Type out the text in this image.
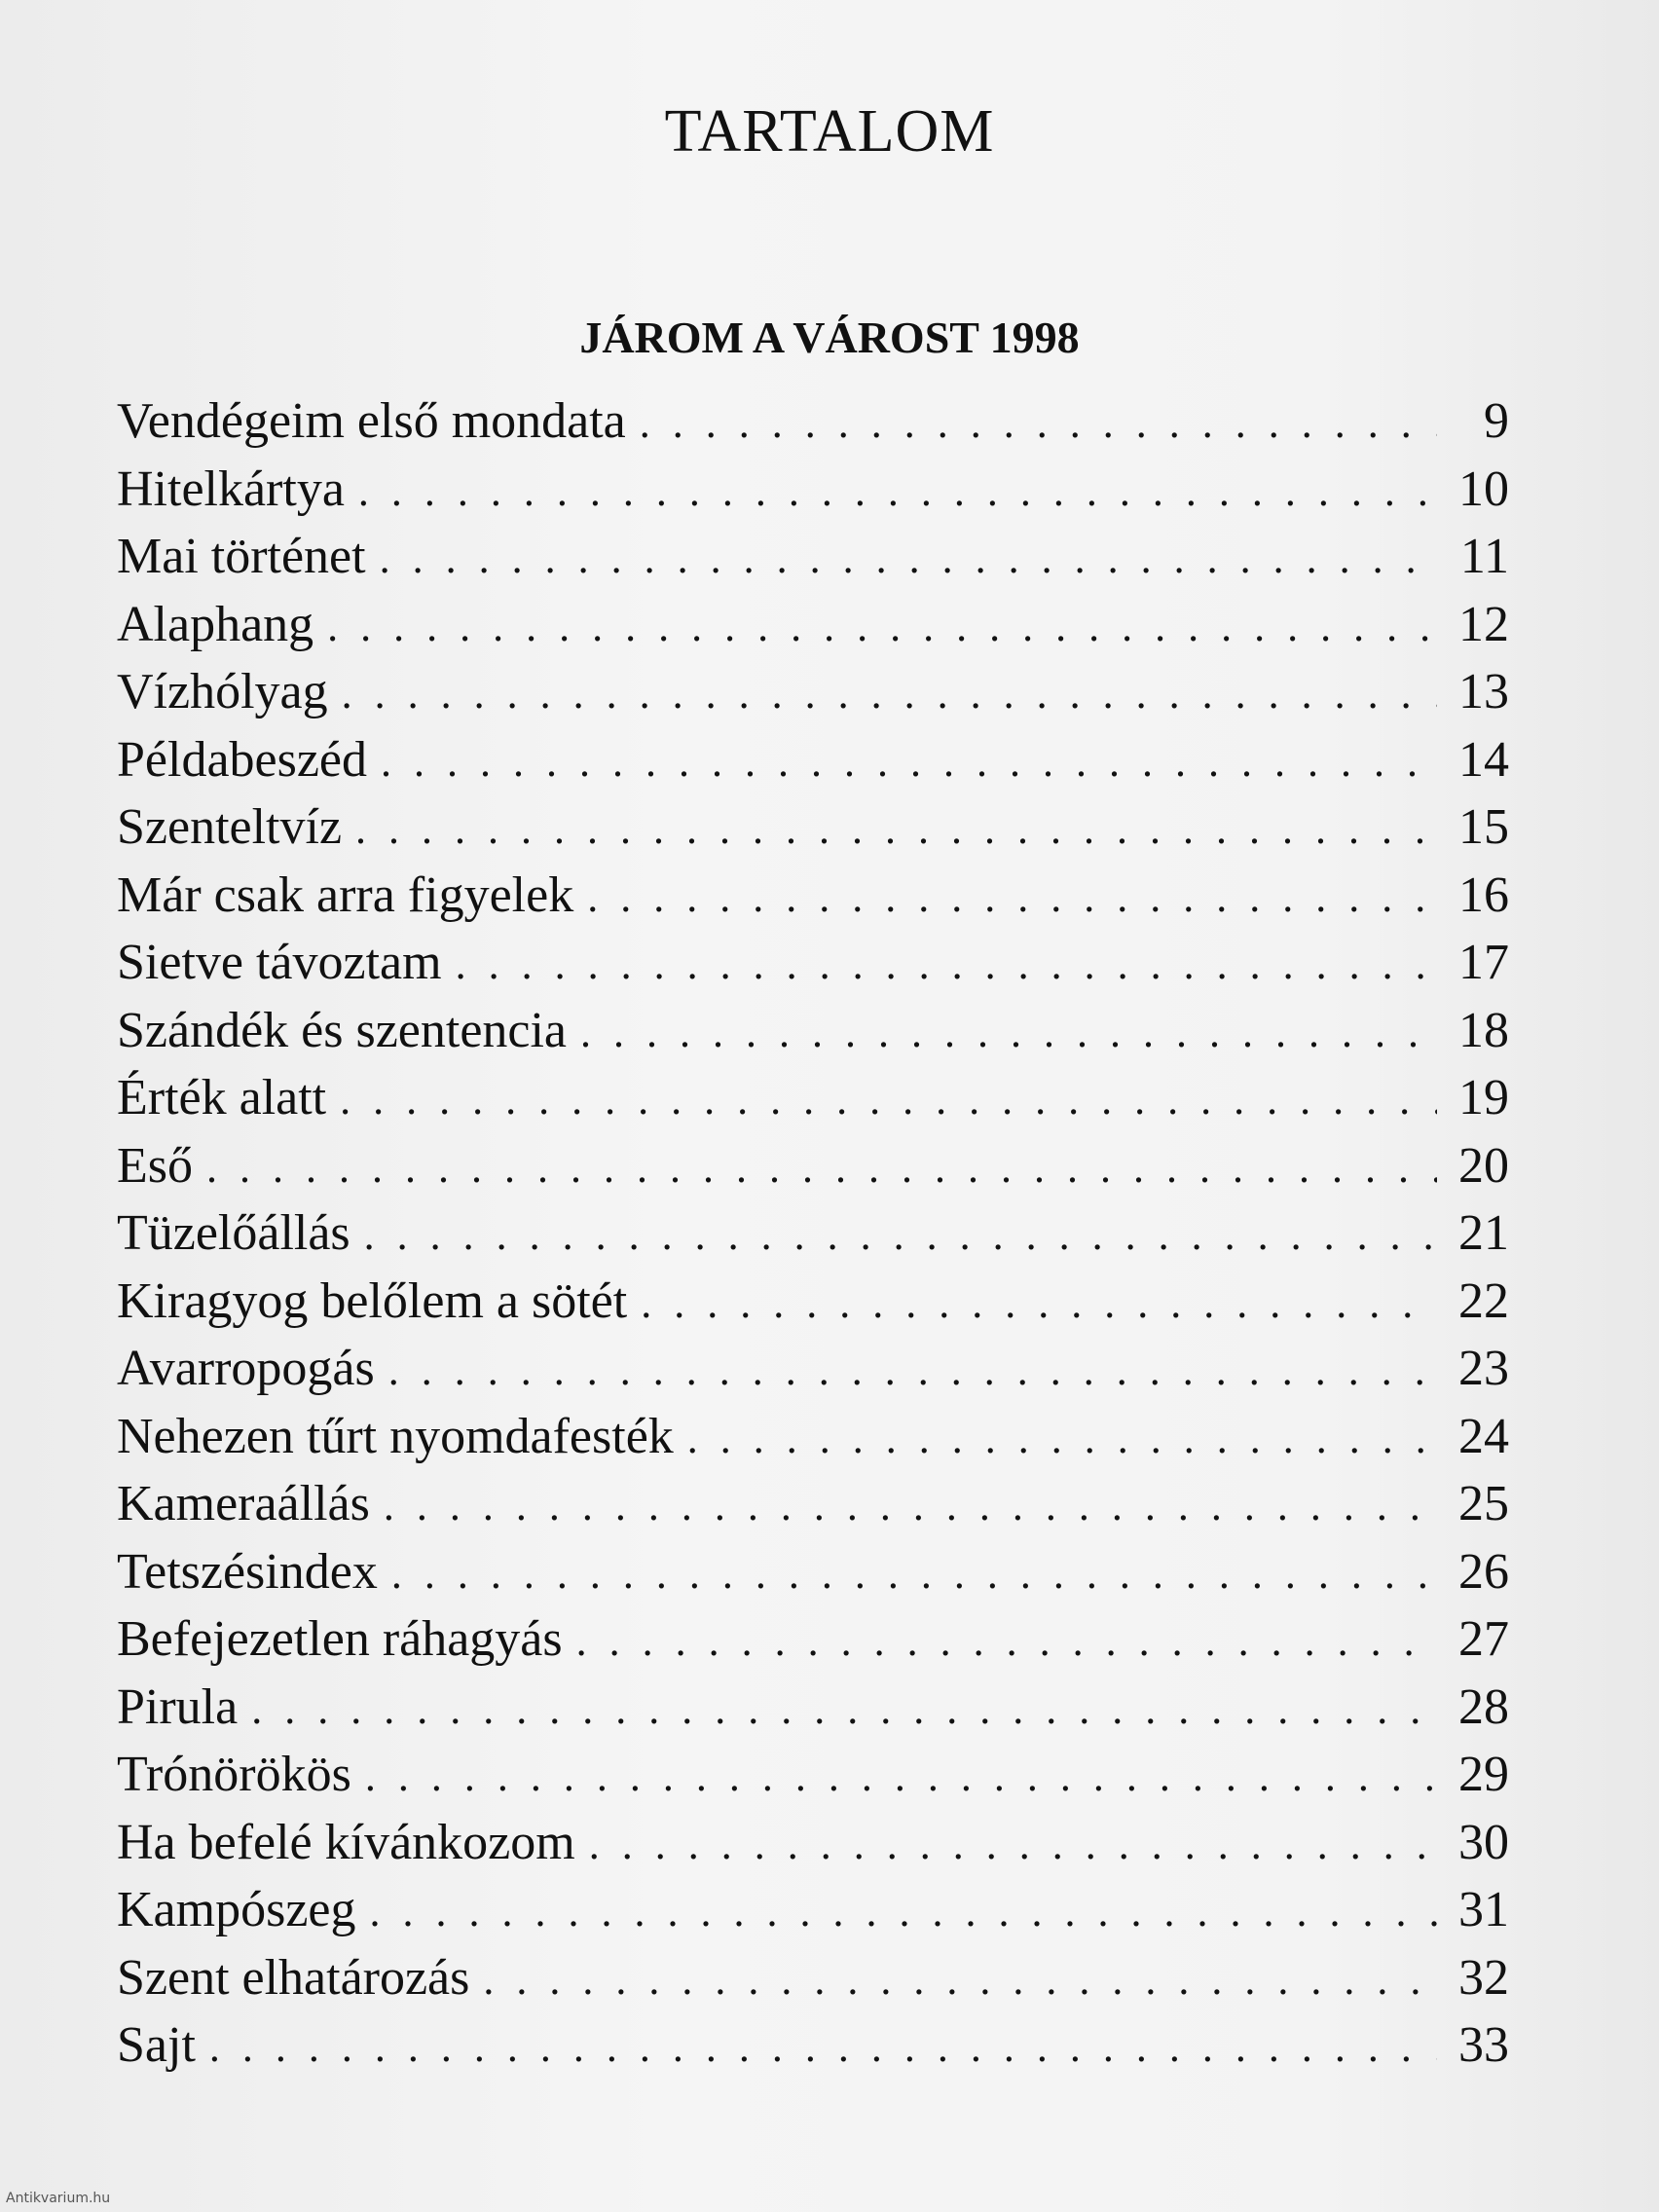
TARTALOM
JÁROM A VÁROST 1998
Vendégeim első mondata . . .	9
Hitelkártya . . .	10
Mai történet . . .	11
Alaphang . . .	12
Vízhólyag . . .	13
Példabeszéd . . .	14
Szenteltvíz . . .	15
Már csak arra figyelek . . .	16
Sietve távoztam . . .	17
Szándék és szentencia . . .	18
Érték alatt . . .	19
Eső . . .	20
Tüzelőállás . . .	21
Kiragyog belőlem a sötét . . .	22
Avarropogás . . .	23
Nehezen tűrt nyomdafesték . . .	24
Kameraállás . . .	25
Tetszésindex . . .	26
Befejezetlen ráhagyás . . .	27
Pirula . . .	28
Trónörökös . . .	29
Ha befelé kívánkozom . . .	30
Kampószeg . . .	31
Szent elhatározás . . .	32
Sajt . . .	33
Antikvarium.hu
